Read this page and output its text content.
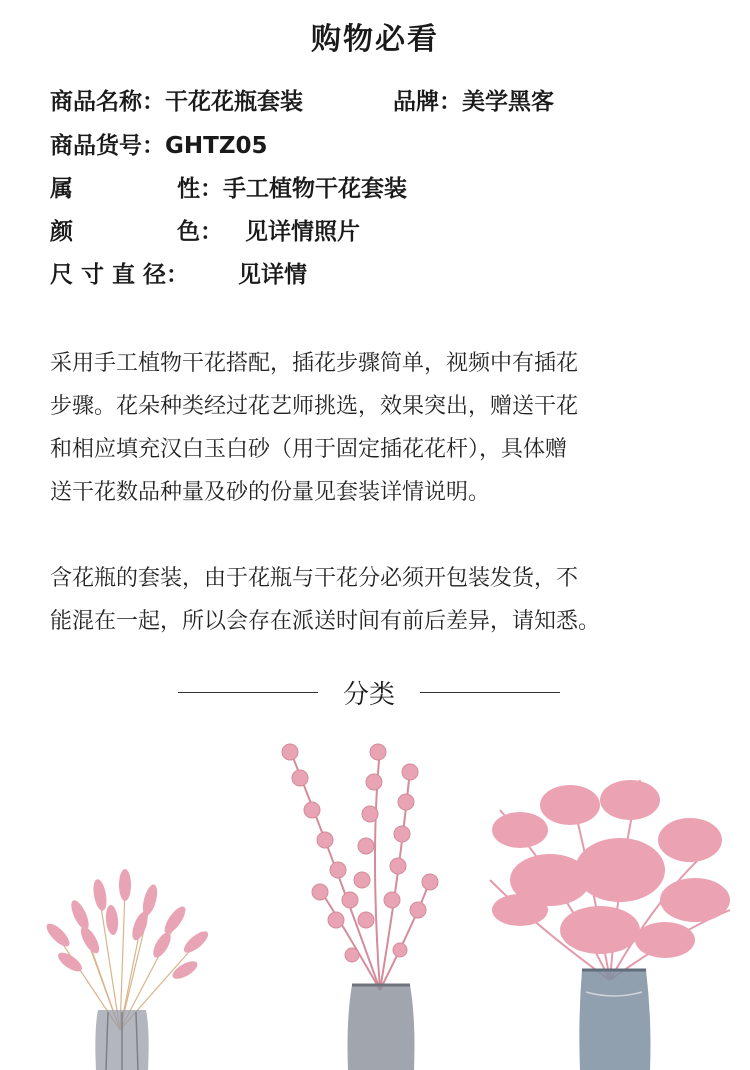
购物必看
商品名称：干花花瓶套装	品牌：美学黑客
商品货号：GHTZ05
属	性：手工植物干花套装
颜	色： 见详情照片
尺 寸 直 径： 见详情
采用手工植物干花搭配，插花步骤简单，视频中有插花
步骤。花朵种类经过花艺师挑选，效果突出，赠送干花
和相应填充汉白玉白砂（用于固定插花花杆），具体赠
送干花数品种量及砂的份量见套装详情说明。
含花瓶的套装，由于花瓶与干花分必须开包装发货，不
能混在一起，所以会存在派送时间有前后差异，请知悉。
分类
